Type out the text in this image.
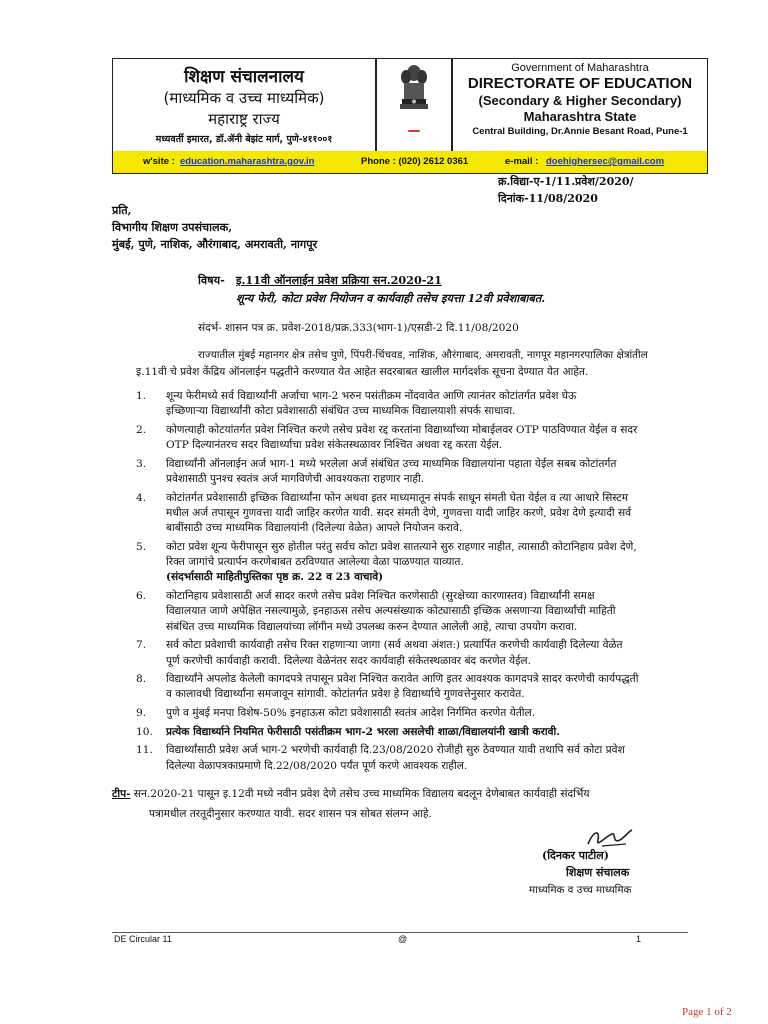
शिक्षण संचालनालय
(माध्यमिक व उच्च माध्यमिक)
महाराष्ट्र राज्य
मध्यवर्ती इमारत, डॉ.ॲनी बेझंट मार्ग, पुणे-४११००१
Government of Maharashtra
DIRECTORATE OF EDUCATION
(Secondary & Higher Secondary)
Maharashtra State
Central Building, Dr.Annie Besant Road, Pune-1
w'site : education.maharashtra.gov.in	Phone : (020) 2612 0361	e-mail : doehighersec@gmail.com
क्र.विद्या-ए-1/11.प्रवेश/2020/
दिनांक-11/08/2020
प्रति,
विभागीय शिक्षण उपसंचालक,
मुंबई, पुणे, नाशिक, औरंगाबाद, अमरावती, नागपूर
विषय- इ.11वी ऑनलाईन प्रवेश प्रक्रिया सन.2020-21
शून्य फेरी, कोटा प्रवेश नियोजन व कार्यवाही तसेच इयत्ता 12वी प्रवेशाबाबत.
संदर्भ- शासन पत्र क्र. प्रवेश-2018/प्रक्र.333(भाग-1)/एसडी-2 दि.11/08/2020
राज्यातील मुंबई महानगर क्षेत्र तसेच पुणे, पिंपरी-चिंचवड, नाशिक, औरंगाबाद, अमरावती, नागपूर महानगरपालिका क्षेत्रांतील
इ.11वी चे प्रवेश केंद्रिय ऑनलाईन पद्धतीने करण्यात येत आहेत सदरबाबत खालील मार्गदर्शक सूचना देण्यात येत आहेत.
1.	शून्य फेरीमध्ये सर्व विद्यार्थ्यांनी अर्जाचा भाग-2 भरुन पसंतीक्रम नोंदवावेत आणि त्यानंतर कोटांतर्गत प्रवेश घेऊ
इच्छिणाऱ्या विद्यार्थ्यांनी कोटा प्रवेशासाठी संबंधित उच्च माध्यमिक विद्यालयाशी संपर्क साधावा.
2.	कोणत्याही कोटयांतर्गत प्रवेश निश्चित करणे तसेच प्रवेश रद्द करतांना विद्यार्थ्यांच्या मोबाईलवर OTP पाठविण्यात येईल व सदर
OTP दिल्यानंतरच सदर विद्यार्थ्याचा प्रवेश संकेतस्थळावर निश्चित अथवा रद्द करता येईल.
3.	विद्यार्थ्यांनी ऑनलाईन अर्ज भाग-1 मध्ये भरलेला अर्ज संबंधित उच्च माध्यमिक विद्यालयांना पहाता येईल सबब कोटांतर्गत
प्रवेशासाठी पुनश्च स्वतंत्र अर्ज मागविणेची आवश्यकता राहणार नाही.
4.	कोटांतर्गत प्रवेशासाठी इच्छिक विद्यार्थ्यांना फोन अथवा इतर माध्यमातून संपर्क साधून संमती घेता येईल व त्या आधारे सिस्टम
मधील अर्ज तपासून गुणवत्ता यादी जाहिर करणेत यावी. सदर संमती देणे, गुणवत्ता यादी जाहिर करणे, प्रवेश देणे इत्यादी सर्व
बाबींसाठी उच्च माध्यमिक विद्यालयांनी (दिलेल्या वेळेत) आपले नियोजन करावे.
5.	कोटा प्रवेश शून्य फेरीपासून सुरु होतील परंतु सर्वच कोटा प्रवेश सातत्याने सुरु राहणार नाहीत, त्यासाठी कोटानिहाय प्रवेश देणे,
रिक्त जागांचे प्रत्यार्पन करणेबाबत ठरविण्यात आलेल्या वेळा पाळण्यात याव्यात.
(संदर्भासाठी माहितीपुस्तिका पृष्ठ क्र. 22 व 23 वाचावे)
6.	कोटानिहाय प्रवेशासाठी अर्ज सादर करणे तसेच प्रवेश निश्चित करणेसाठी (सुरक्षेच्या कारणास्तव) विद्यार्थ्यांनी समक्ष
विद्यालयात जाणे अपेक्षित नसल्यामुळे, इनहाऊस तसेच अल्पसंख्याक कोट्यासाठी इच्छिक असणाऱ्या विद्यार्थ्यांची माहिती
संबंधित उच्च माध्यमिक विद्यालयांच्या लॉगीन मध्ये उपलब्ध करुन देण्यात आलेली आहे, त्याचा उपयोग करावा.
7.	सर्व कोटा प्रवेशाची कार्यवाही तसेच रिक्त राहणाऱ्या जागा (सर्व अथवा अंशत:) प्रत्यार्पित करणेची कार्यवाही दिलेल्या वेळेत
पूर्ण करणेची कार्यवाही करावी. दिलेल्या वेळेनंतर सदर कार्यवाही संकेतस्थळावर बंद करणेत येईल.
8.	विद्यार्थ्यांने अपलोड केलेली कागदपत्रे तपासून प्रवेश निश्चित करावेत आणि इतर आवश्यक कागदपत्रे सादर करणेची कार्यपद्धती
व कालावधी विद्यार्थ्यांना समजावून सांगावी. कोटांतर्गत प्रवेश हे विद्यार्थ्याचे गुणवत्तेनुसार करावेत.
9.	पुणे व मुंबई मनपा विशेष-50% इनहाऊस कोटा प्रवेशासाठी स्वतंत्र आदेश निर्गमित करणेत येतील.
10.	प्रत्येक विद्यार्थ्याने नियमित फेरीसाठी पसंतीक्रम भाग-2 भरला असलेची शाळा/विद्यालयांनी खात्री करावी.
11.	विद्यार्थ्यांसाठी प्रवेश अर्ज भाग-2 भरणेची कार्यवाही दि.23/08/2020 रोजीही सुरु ठेवण्यात यावी तथापि सर्व कोटा प्रवेश
दिलेल्या वेळापत्रकाप्रमाणे दि.22/08/2020 पर्यंत पूर्ण करणे आवश्यक राहील.
टीप- सन.2020-21 पासून इ.12वी मध्ये नवीन प्रवेश देणे तसेच उच्च माध्यमिक विद्यालय बदलून देणेबाबत कार्यवाही संदर्भिय
पत्रामधील तरतूदीनुसार करण्यात यावी. सदर शासन पत्र सोबत संलग्न आहे.
(दिनकर पाटील)
शिक्षण संचालक
माध्यमिक व उच्च माध्यमिक
DE Circular 11	@	1
Page 1 of 2
